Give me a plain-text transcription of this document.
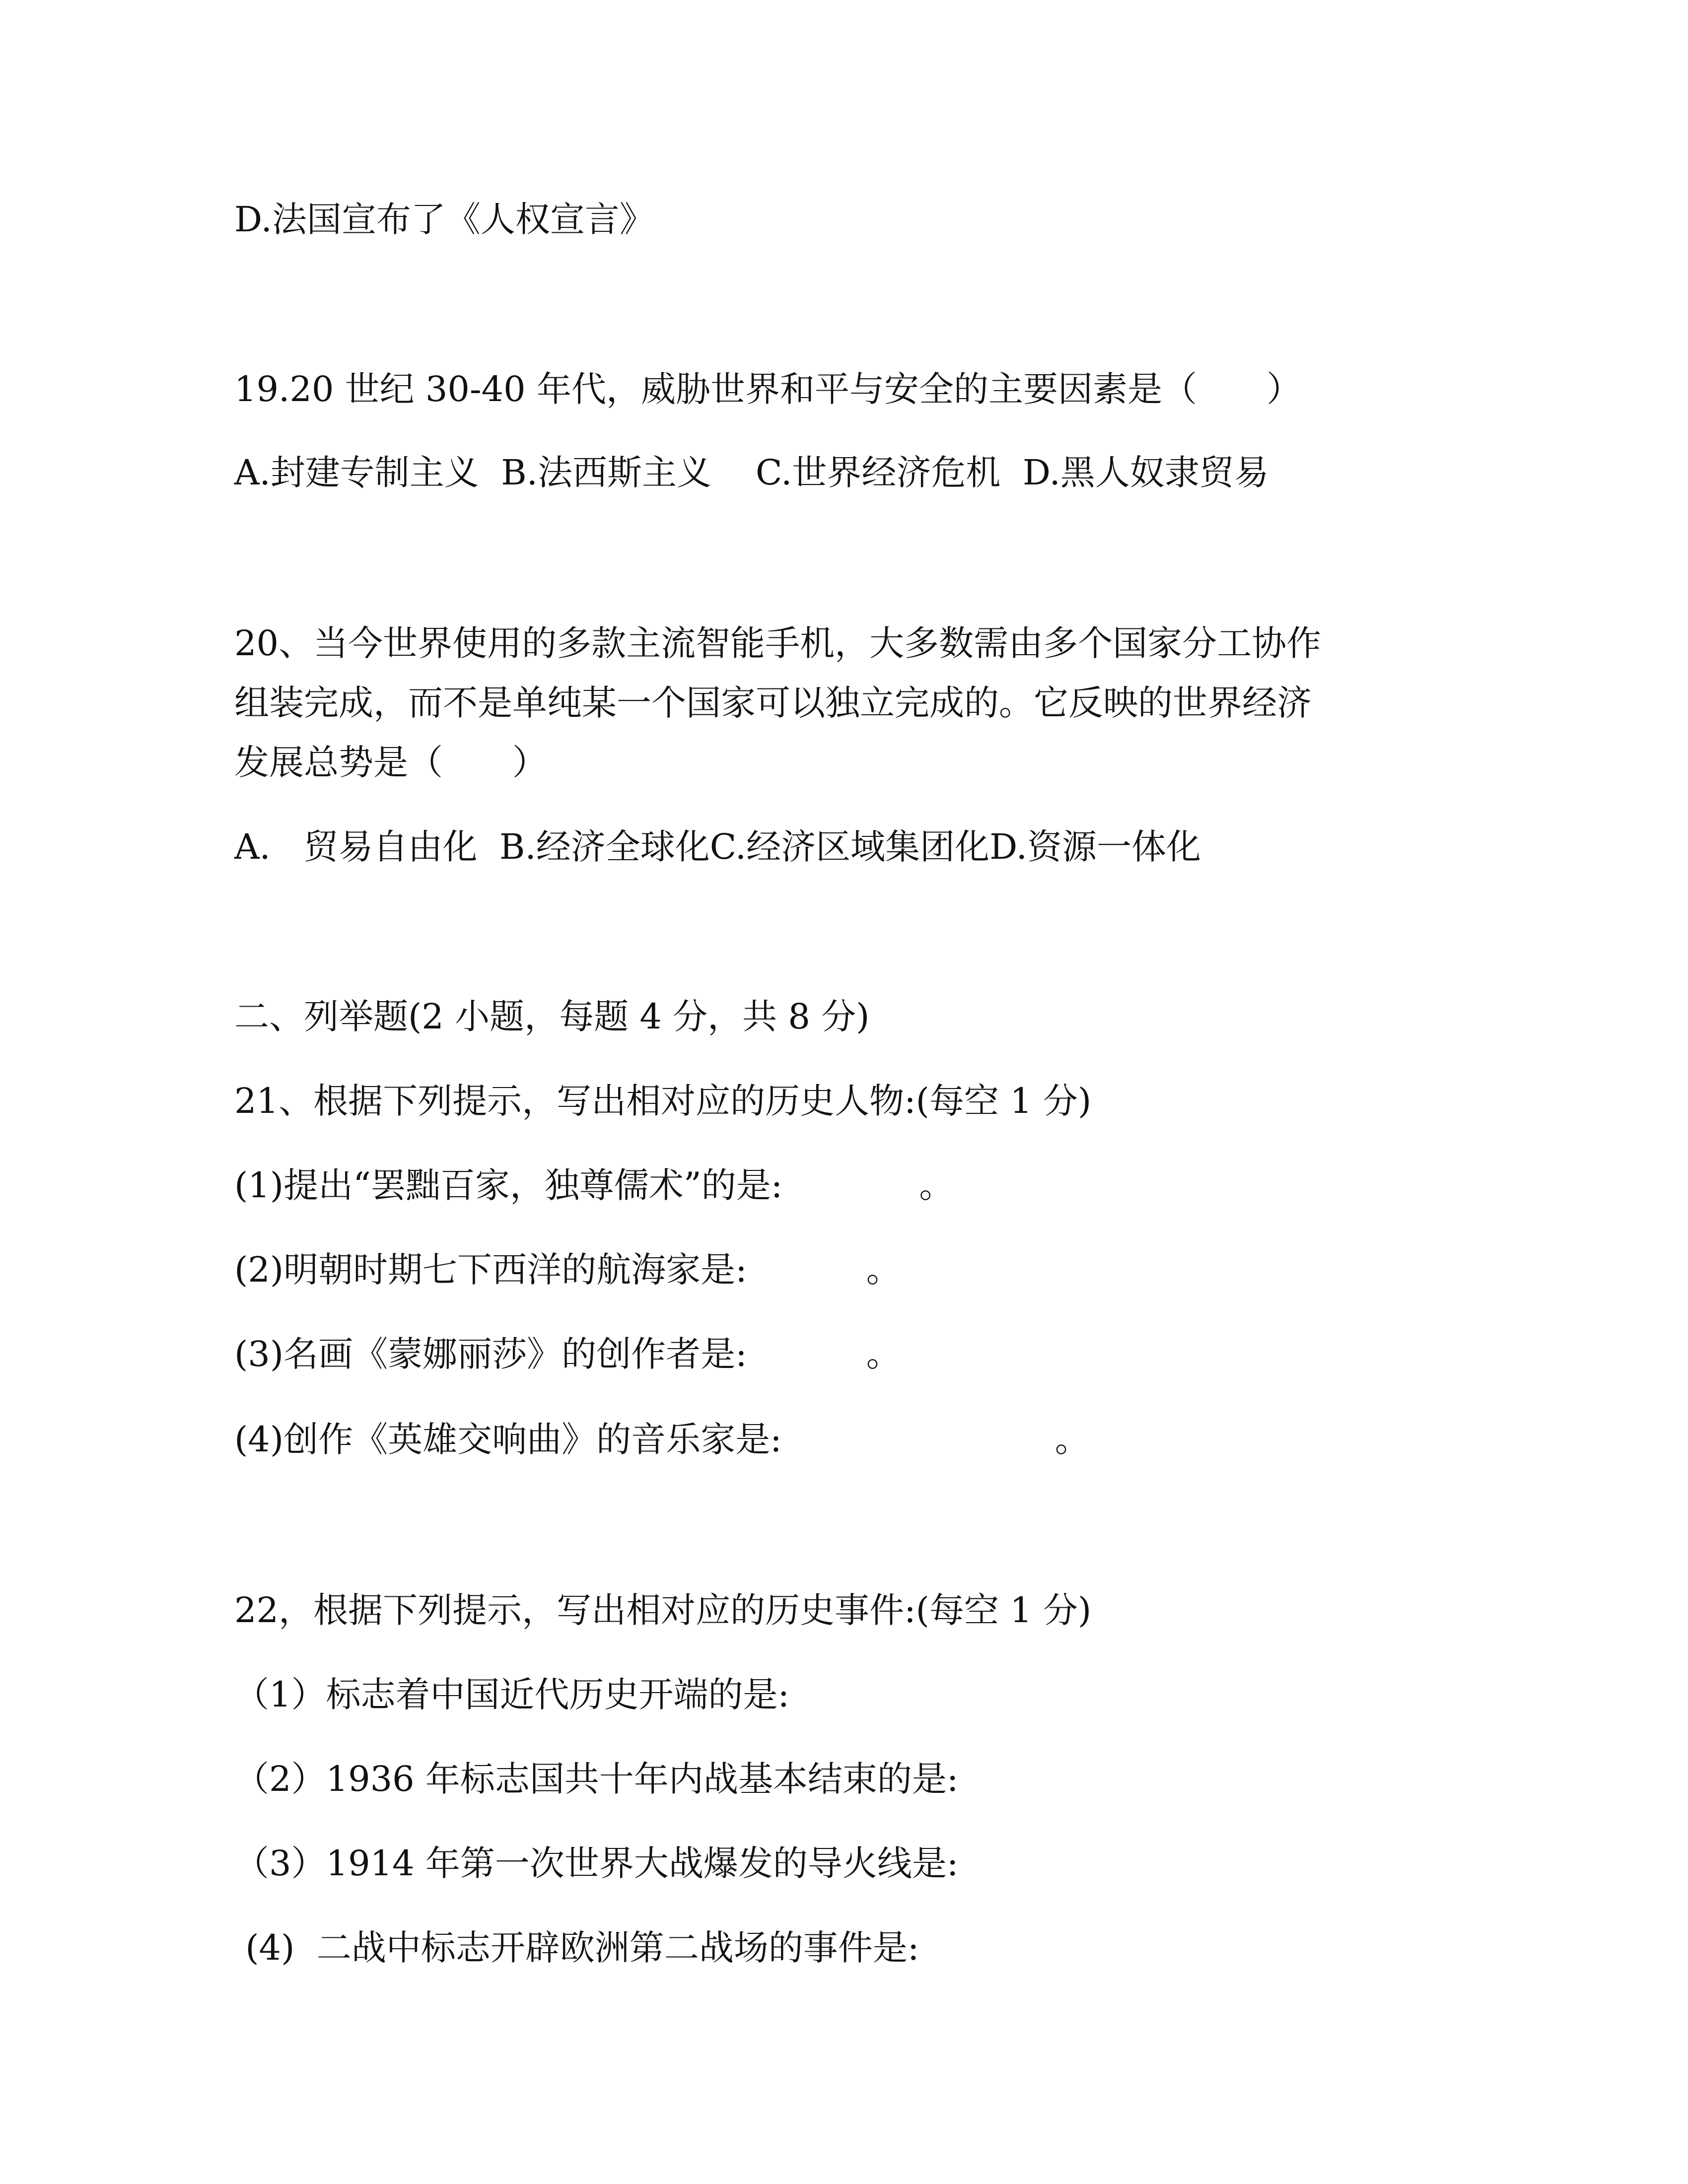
D.法国宣布了《人权宣言》
19.20 世纪 30-40 年代，威胁世界和平与安全的主要因素是（　　）
A.封建专制主义  B.法西斯主义    C.世界经济危机  D.黑人奴隶贸易
20、当今世界使用的多款主流智能手机，大多数需由多个国家分工协作
组装完成，而不是单纯某一个国家可以独立完成的。它反映的世界经济
发展总势是（　　）
A.   贸易自由化  B.经济全球化C.经济区域集团化D.资源一体化
二、列举题(2 小题，每题 4 分，共 8 分)
21、根据下列提示，写出相对应的历史人物:(每空 1 分)
(1)提出“罢黜百家，独尊儒术”的是:	。
(2)明朝时期七下西洋的航海家是:	。
(3)名画《蒙娜丽莎》的创作者是:	。
(4)创作《英雄交响曲》的音乐家是:	。
22，根据下列提示，写出相对应的历史事件:(每空 1 分)
（1）标志着中国近代历史开端的是:
（2）1936 年标志国共十年内战基本结束的是:
（3）1914 年第一次世界大战爆发的导火线是:
(4)  二战中标志开辟欧洲第二战场的事件是:
